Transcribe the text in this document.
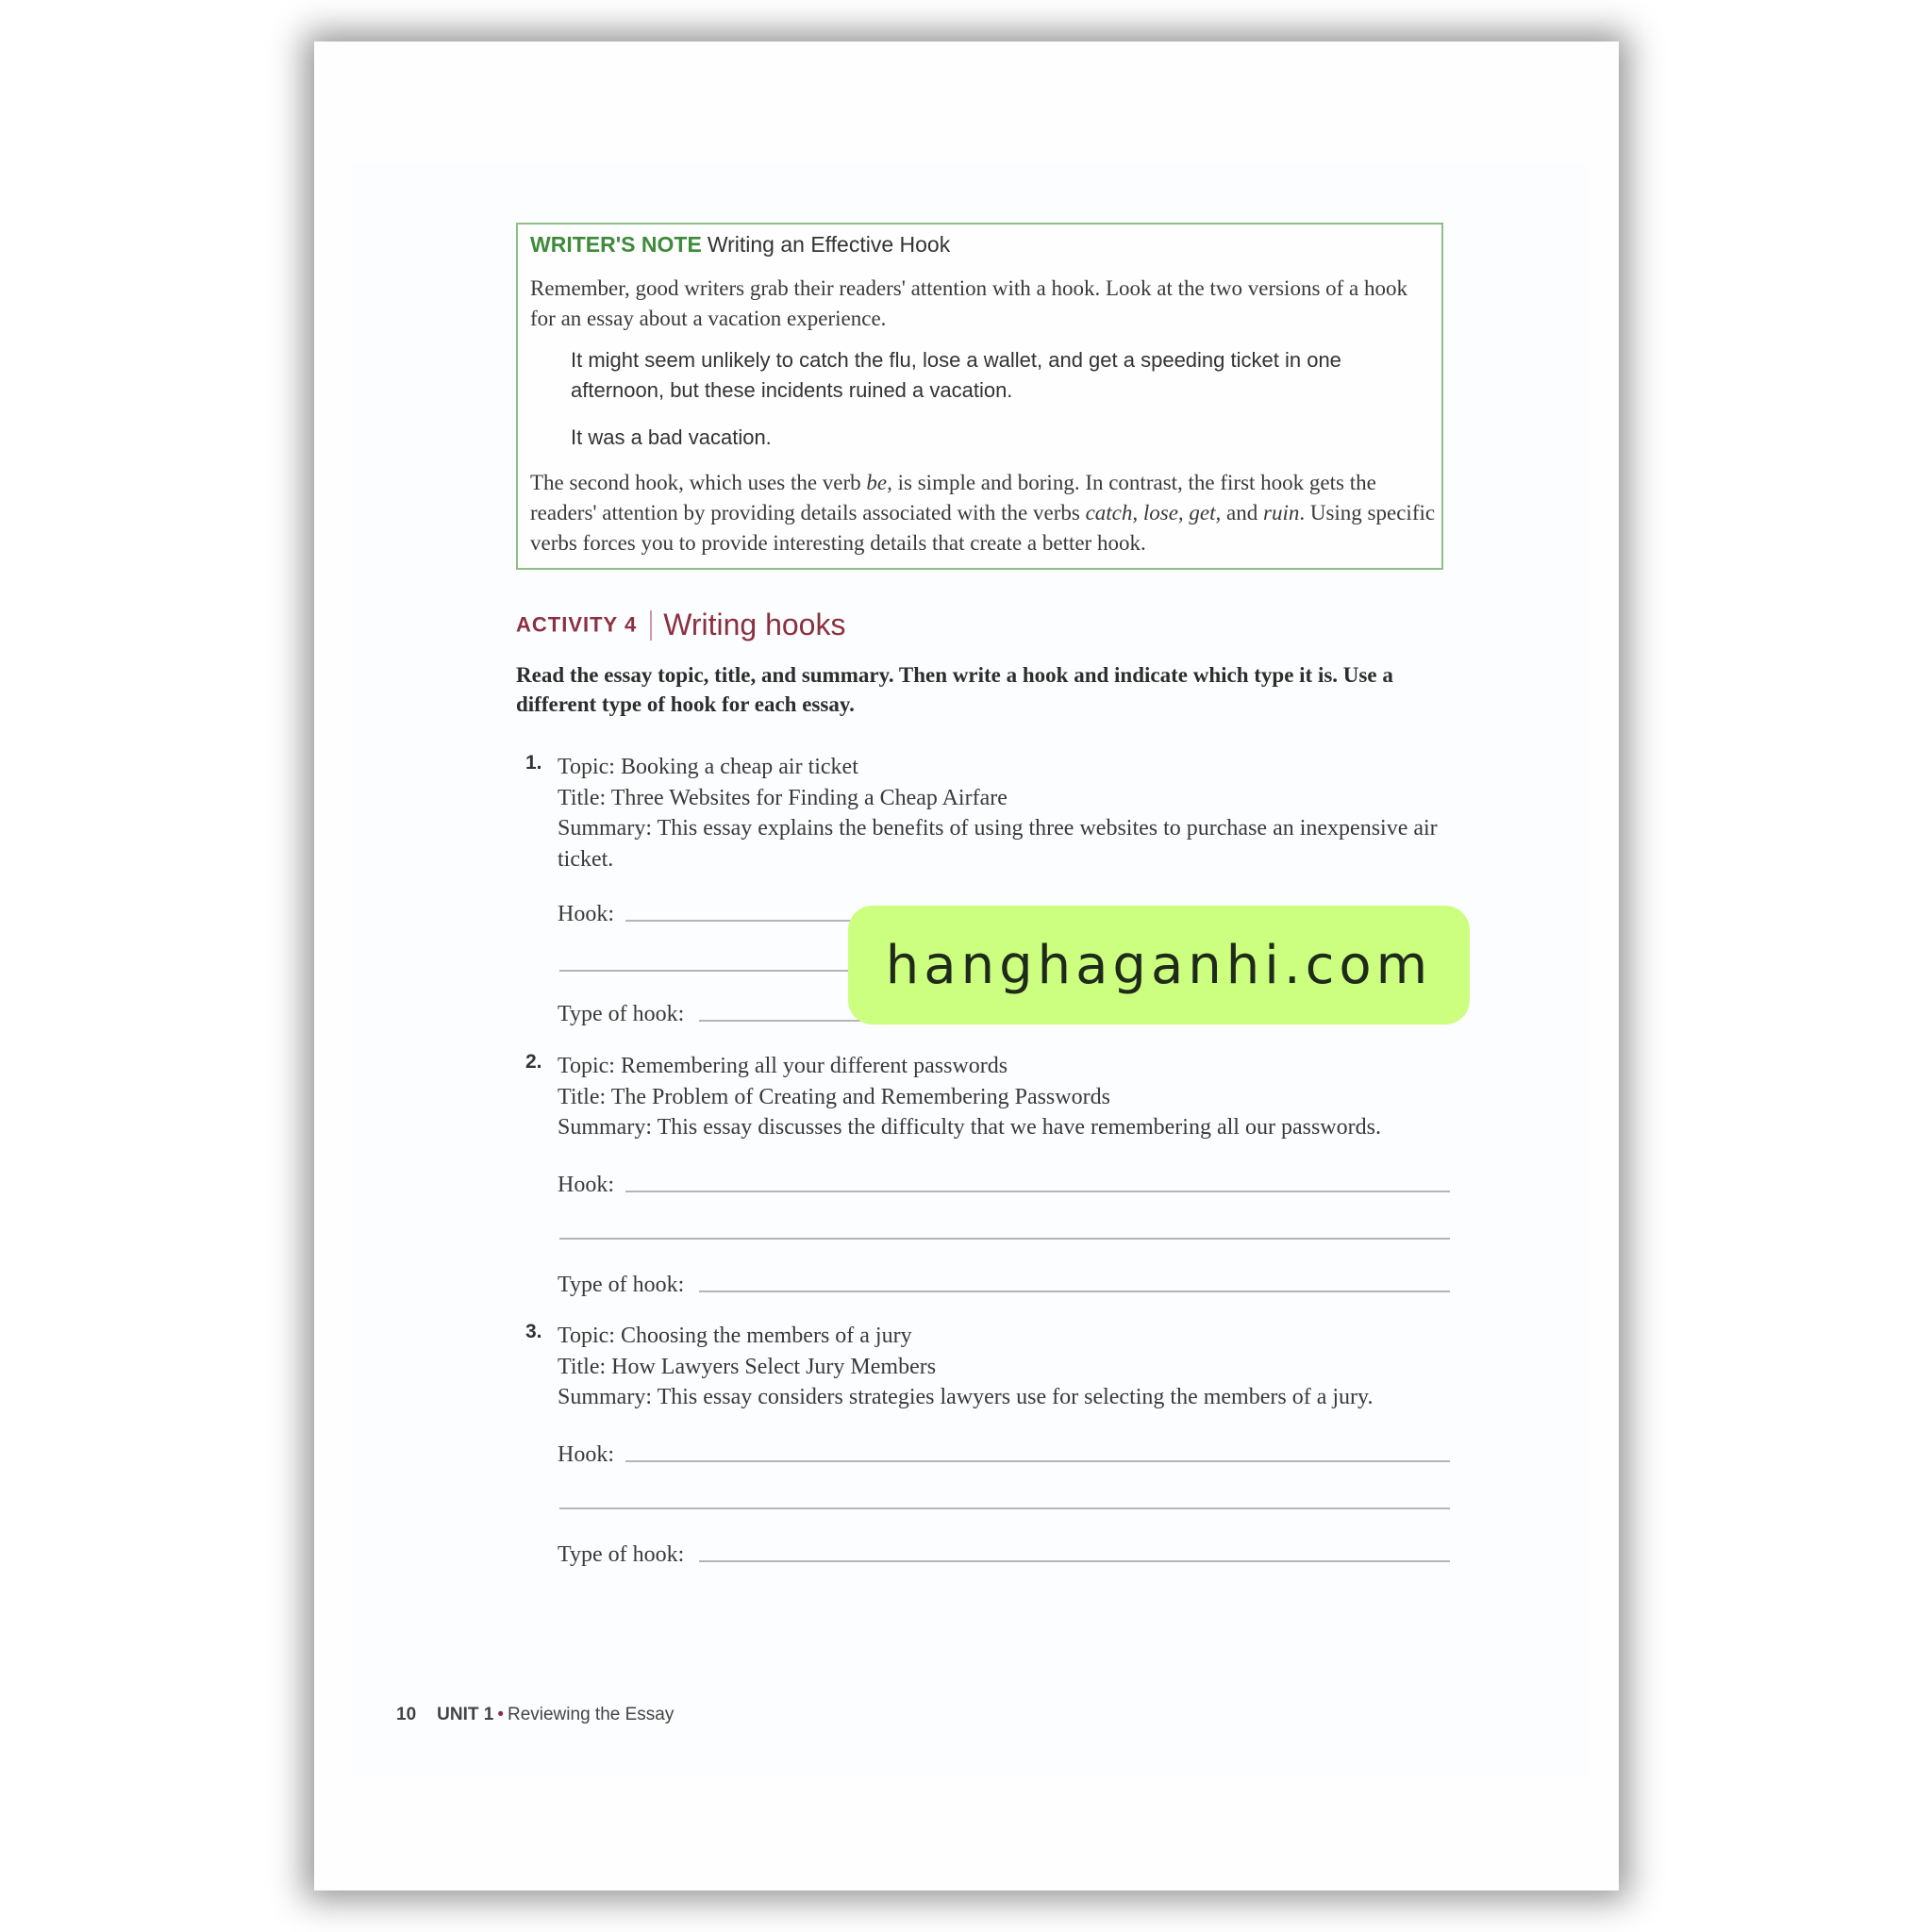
WRITER'S NOTE Writing an Effective Hook
Remember, good writers grab their readers' attention with a hook. Look at the two versions of a hook for an essay about a vacation experience.
It might seem unlikely to catch the flu, lose a wallet, and get a speeding ticket in one afternoon, but these incidents ruined a vacation.
It was a bad vacation.
The second hook, which uses the verb be, is simple and boring. In contrast, the first hook gets the readers' attention by providing details associated with the verbs catch, lose, get, and ruin. Using specific verbs forces you to provide interesting details that create a better hook.
ACTIVITY 4 Writing hooks
Read the essay topic, title, and summary. Then write a hook and indicate which type it is. Use a different type of hook for each essay.
1. Topic: Booking a cheap air ticket
Title: Three Websites for Finding a Cheap Airfare
Summary: This essay explains the benefits of using three websites to purchase an inexpensive air ticket.
Hook:
Type of hook:
2. Topic: Remembering all your different passwords
Title: The Problem of Creating and Remembering Passwords
Summary: This essay discusses the difficulty that we have remembering all our passwords.
Hook:
Type of hook:
3. Topic: Choosing the members of a jury
Title: How Lawyers Select Jury Members
Summary: This essay considers strategies lawyers use for selecting the members of a jury.
Hook:
Type of hook:
hanghaganhi.com
10 UNIT 1 • Reviewing the Essay
